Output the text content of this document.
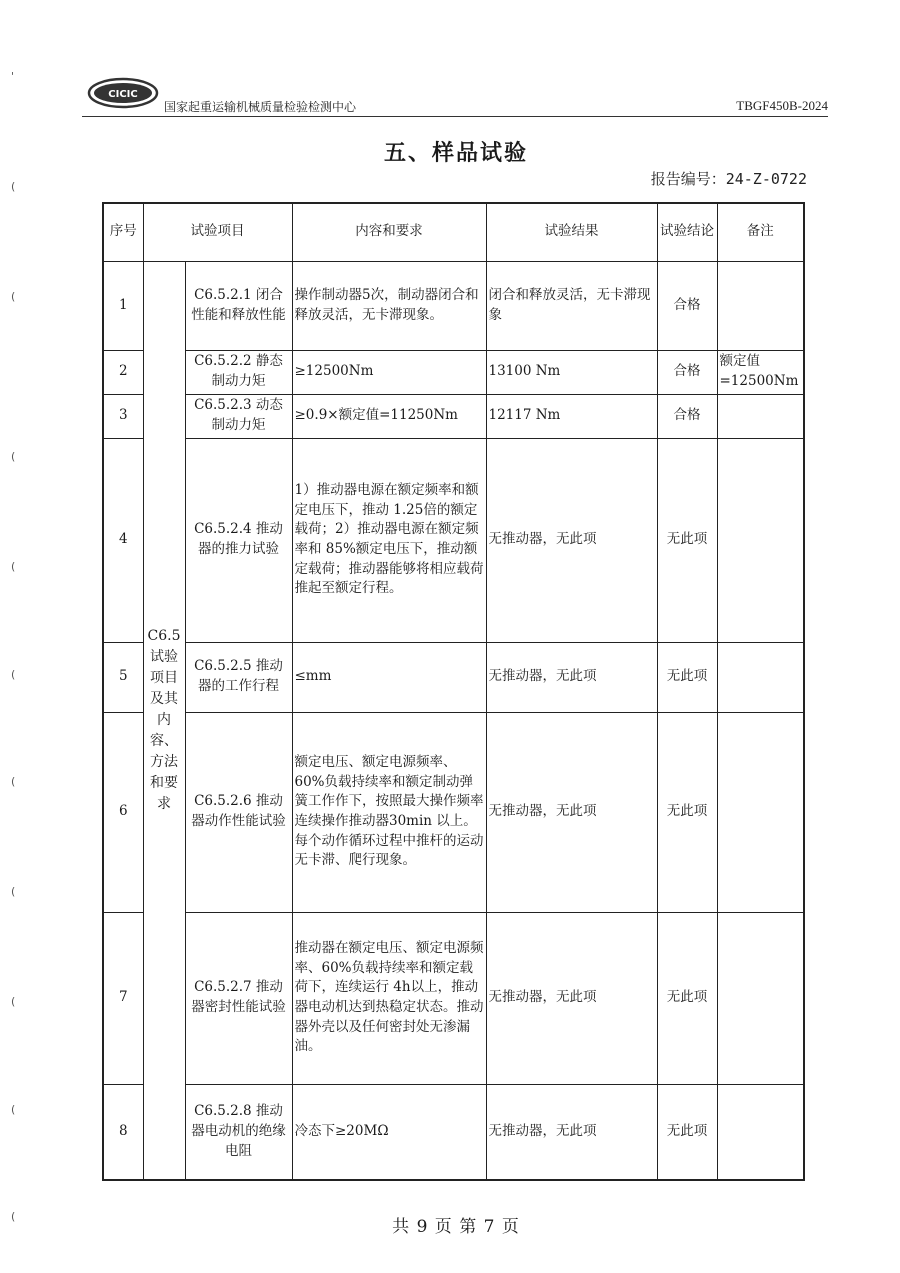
'
(
(
(
(
(
(
(
(
(
(
CICIC
国家起重运输机械质量检验检测中心	TBGF450B-2024
五、样品试验
报告编号：24-Z-0722
序号	试验项目		内容和要求	试验结果	试验结论	备注
1	C6.5试验项目及其内容、方法和要求	C6.5.2.1 闭合性能和释放性能	操作制动器5次，制动器闭合和释放灵活，无卡滞现象。	闭合和释放灵活，无卡滞现象	合格	
2		C6.5.2.2 静态制动力矩	≥12500Nm	13100 Nm	合格	额定值=12500Nm
3		C6.5.2.3 动态制动力矩	≥0.9×额定值=11250Nm	12117 Nm	合格	
4		C6.5.2.4 推动器的推力试验	1）推动器电源在额定频率和额定电压下，推动 1.25倍的额定载荷；2）推动器电源在额定频率和 85%额定电压下，推动额定载荷；推动器能够将相应载荷推起至额定行程。	无推动器，无此项	无此项	
5		C6.5.2.5 推动器的工作行程	≤mm	无推动器，无此项	无此项	
6		C6.5.2.6 推动器动作性能试验	额定电压、额定电源频率、60%负载持续率和额定制动弹簧工作作下，按照最大操作频率连续操作推动器30min 以上。每个动作循环过程中推杆的运动无卡滞、爬行现象。	无推动器，无此项	无此项	
7		C6.5.2.7 推动器密封性能试验	推动器在额定电压、额定电源频率、60%负载持续率和额定载荷下，连续运行 4h以上，推动器电动机达到热稳定状态。推动器外壳以及任何密封处无渗漏油。	无推动器，无此项	无此项	
8		C6.5.2.8 推动器电动机的绝缘电阻	冷态下≥20MΩ	无推动器，无此项	无此项	
共 9 页 第 7 页
